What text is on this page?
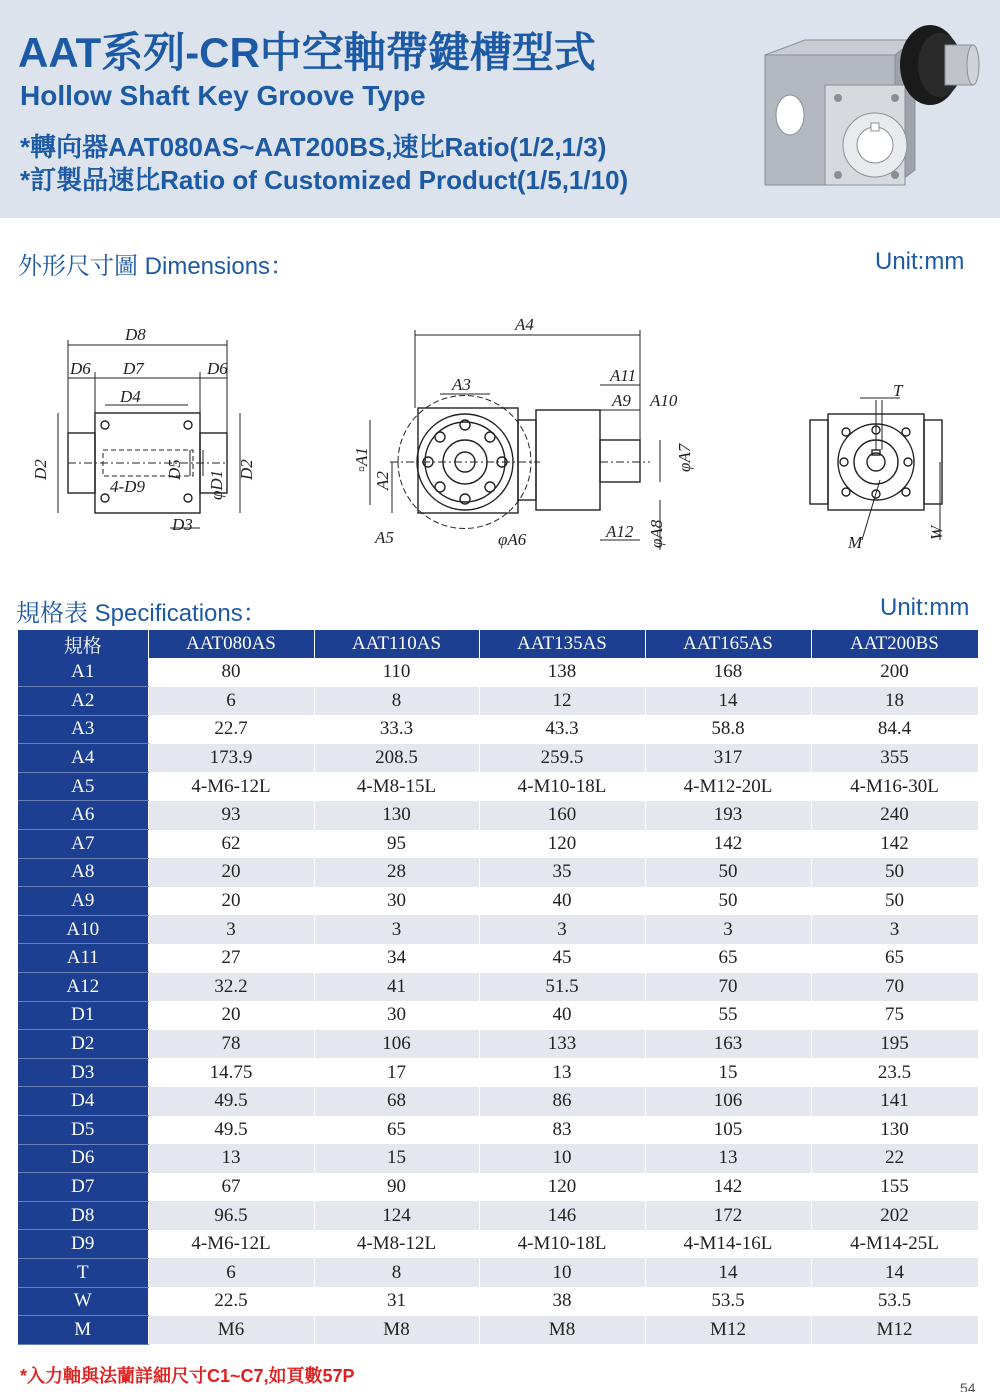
AAT系列-CR中空軸帶鍵槽型式
Hollow Shaft Key Groove Type
*轉向器AAT080AS~AAT200BS,速比Ratio(1/2,1/3)
*訂製品速比Ratio of Customized Product(1/5,1/10)
外形尺寸圖 Dimensions：	Unit:mm
D8
D6 D7	D6
D4
4-D9
D3
D2	D2
D5
φD1
A4
A3	A11
A9 A10
A5	φA6	A12
▫A1
A2
φA7
φA8
T
M
W
規格表 Specifications：	Unit:mm
規格	AAT080AS	AAT110AS	AAT135AS	AAT165AS	AAT200BS
A1	80	110	138	168	200
A2	6	8	12	14	18
A3	22.7	33.3	43.3	58.8	84.4
A4	173.9	208.5	259.5	317	355
A5	4-M6-12L	4-M8-15L	4-M10-18L	4-M12-20L	4-M16-30L
A6	93	130	160	193	240
A7	62	95	120	142	142
A8	20	28	35	50	50
A9	20	30	40	50	50
A10	3	3	3	3	3
A11	27	34	45	65	65
A12	32.2	41	51.5	70	70
D1	20	30	40	55	75
D2	78	106	133	163	195
D3	14.75	17	13	15	23.5
D4	49.5	68	86	106	141
D5	49.5	65	83	105	130
D6	13	15	10	13	22
D7	67	90	120	142	155
D8	96.5	124	146	172	202
D9	4-M6-12L	4-M8-12L	4-M10-18L	4-M14-16L	4-M14-25L
T	6	8	10	14	14
W	22.5	31	38	53.5	53.5
M	M6	M8	M8	M12	M12
*入力軸與法蘭詳細尺寸C1~C7,如頁數57P
54
